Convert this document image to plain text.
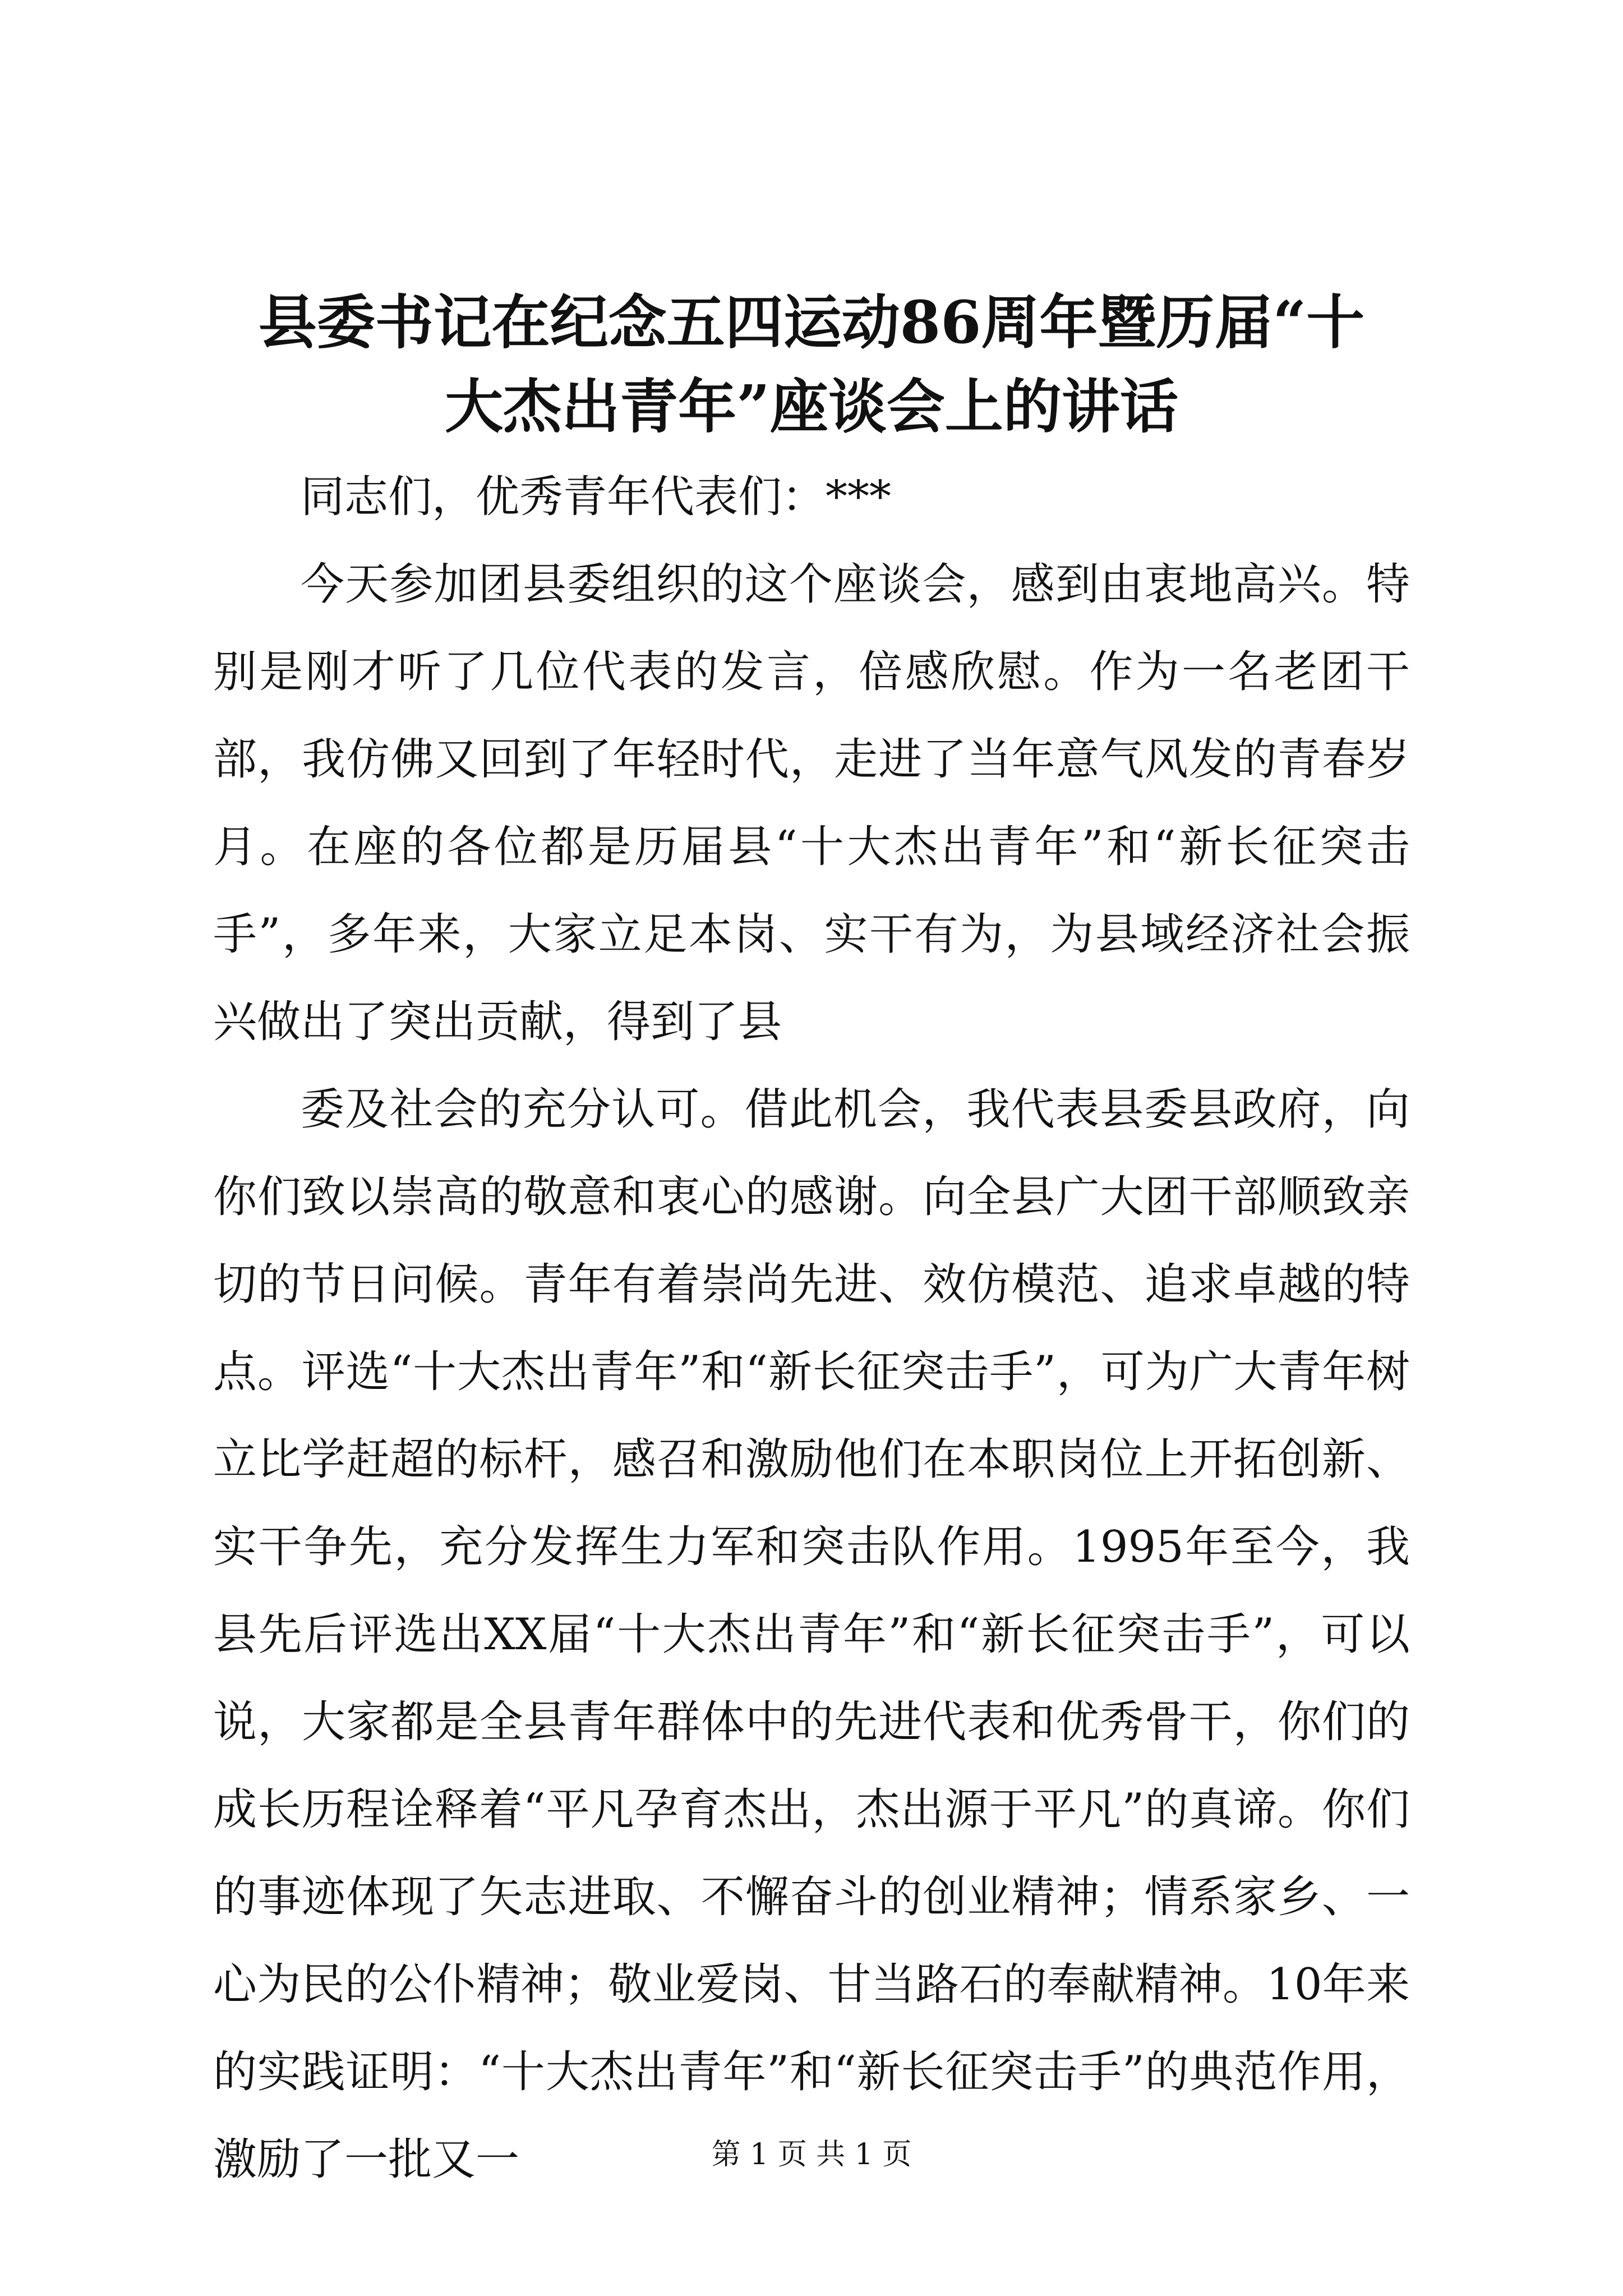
县委书记在纪念五四运动86周年暨历届“十
大杰出青年”座谈会上的讲话

同志们，优秀青年代表们：***

今天参加团县委组织的这个座谈会，感到由衷地高兴。特别是刚才听了几位代表的发言，倍感欣慰。作为一名老团干部，我仿佛又回到了年轻时代，走进了当年意气风发的青春岁月。在座的各位都是历届县“十大杰出青年”和“新长征突击手”，多年来，大家立足本岗、实干有为，为县域经济社会振兴做出了突出贡献，得到了县

委及社会的充分认可。借此机会，我代表县委县政府，向你们致以崇高的敬意和衷心的感谢。向全县广大团干部顺致亲切的节日问候。青年有着崇尚先进、效仿模范、追求卓越的特点。评选“十大杰出青年”和“新长征突击手”，可为广大青年树立比学赶超的标杆，感召和激励他们在本职岗位上开拓创新、实干争先，充分发挥生力军和突击队作用。1995年至今，我县先后评选出XX届“十大杰出青年”和“新长征突击手”，可以说，大家都是全县青年群体中的先进代表和优秀骨干，你们的成长历程诠释着“平凡孕育杰出，杰出源于平凡”的真谛。你们的事迹体现了矢志进取、不懈奋斗的创业精神；情系家乡、一心为民的公仆精神；敬业爱岗、甘当路石的奉献精神。10年来的实践证明：“十大杰出青年”和“新长征突击手”的典范作用，激励了一批又一	第 1 页 共 1 页
